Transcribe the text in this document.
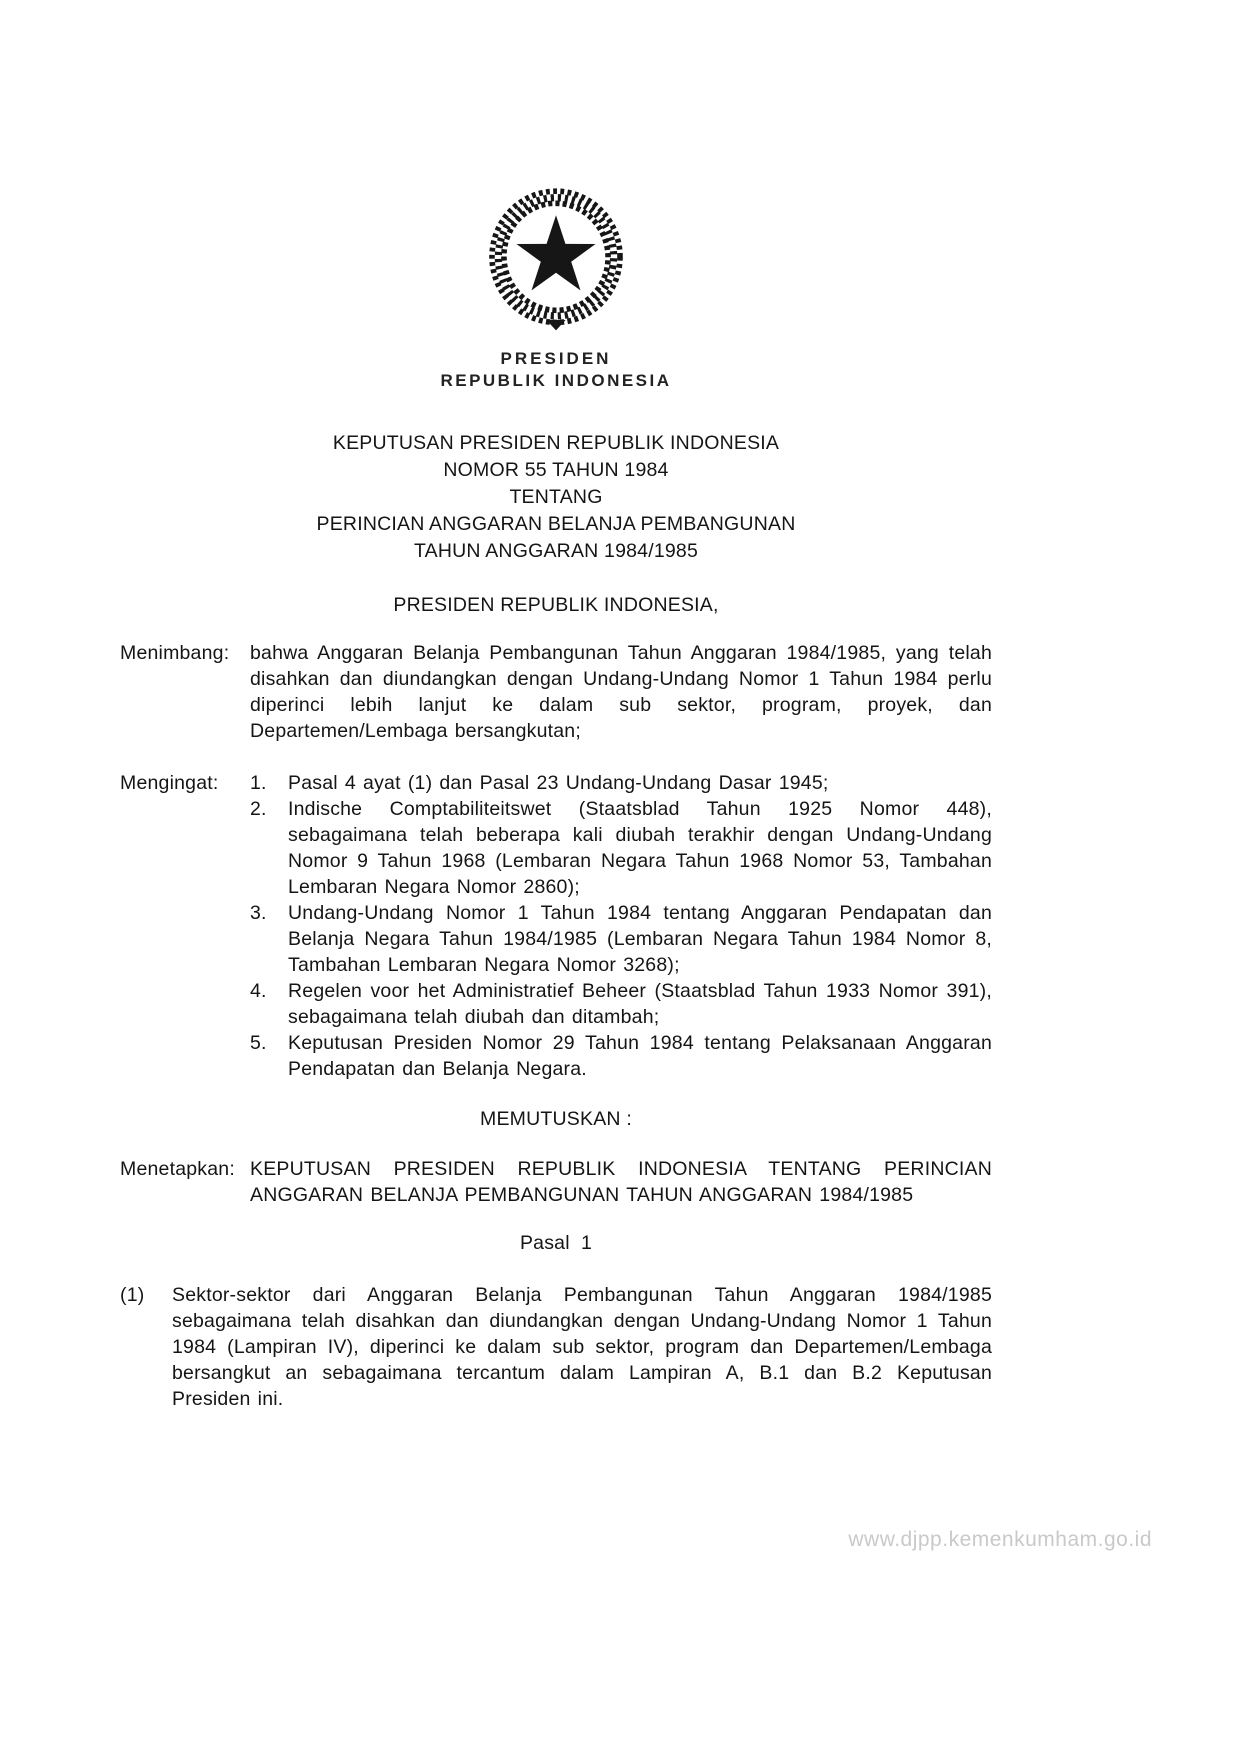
PRESIDEN
REPUBLIK INDONESIA
KEPUTUSAN PRESIDEN REPUBLIK INDONESIA
NOMOR 55 TAHUN 1984
TENTANG
PERINCIAN ANGGARAN BELANJA PEMBANGUNAN
TAHUN ANGGARAN 1984/1985
PRESIDEN REPUBLIK INDONESIA,
Menimbang:	bahwa Anggaran Belanja Pembangunan Tahun Anggaran 1984/1985, yang telah disahkan dan diundangkan dengan Undang-Undang Nomor 1 Tahun 1984 perlu diperinci lebih lanjut ke dalam sub sektor, program, proyek, dan Departemen/Lembaga bersangkutan;
Mengingat:	1.	Pasal 4 ayat (1) dan Pasal 23 Undang-Undang Dasar 1945;
2.	Indische Comptabiliteitswet (Staatsblad Tahun 1925 Nomor 448), sebagaimana telah beberapa kali diubah terakhir dengan Undang-Undang Nomor 9 Tahun 1968 (Lembaran Negara Tahun 1968 Nomor 53, Tambahan Lembaran Negara Nomor 2860);
3.	Undang-Undang Nomor 1 Tahun 1984 tentang Anggaran Pendapatan dan Belanja Negara Tahun 1984/1985 (Lembaran Negara Tahun 1984 Nomor 8, Tambahan Lembaran Negara Nomor 3268);
4.	Regelen voor het Administratief Beheer (Staatsblad Tahun 1933 Nomor 391), sebagaimana telah diubah dan ditambah;
5.	Keputusan Presiden Nomor 29 Tahun 1984 tentang Pelaksanaan Anggaran Pendapatan dan Belanja Negara.
MEMUTUSKAN :
Menetapkan: KEPUTUSAN PRESIDEN REPUBLIK INDONESIA TENTANG PERINCIAN ANGGARAN BELANJA PEMBANGUNAN TAHUN ANGGARAN 1984/1985
Pasal  1
(1)	Sektor-sektor dari Anggaran Belanja Pembangunan Tahun Anggaran 1984/1985 sebagaimana telah disahkan dan diundangkan dengan Undang-Undang Nomor 1 Tahun 1984 (Lampiran IV), diperinci ke dalam sub sektor, program dan Departemen/Lembaga bersangkut an sebagaimana tercantum dalam Lampiran A, B.1 dan B.2 Keputusan Presiden ini.
www.djpp.kemenkumham.go.id
